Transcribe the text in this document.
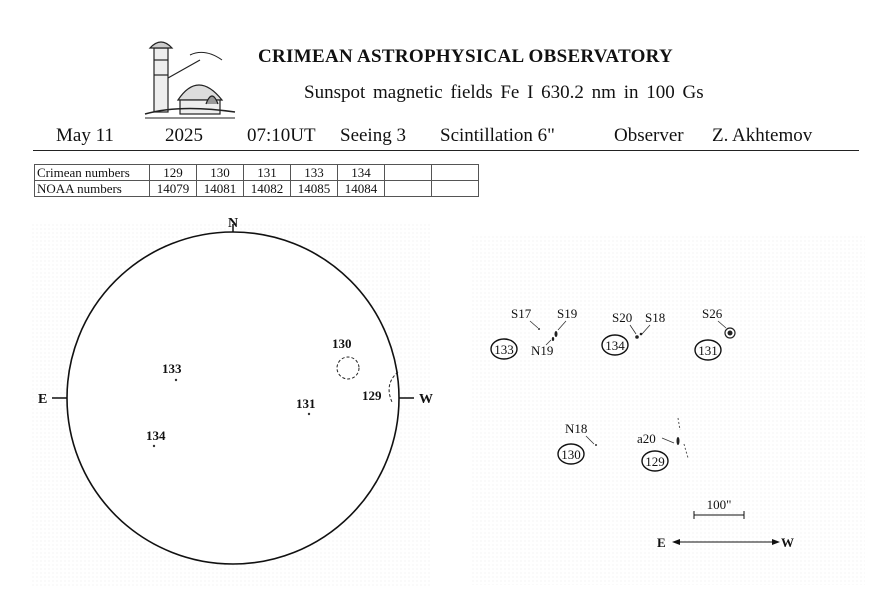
CRIMEAN ASTROPHYSICAL OBSERVATORY
Sunspot magnetic fields Fe I 630.2 nm in 100 Gs
May 11	2025 07:10UT Seeing 3 Scintillation 6"	Observer Z. Akhtemov
Crimean numbers	129	130	131	133	134		
NOAA numbers	14079	14081	14082	14085	14084		
N
E	W
133
134
130
131
129
S17 S19
N19
133
S20 S18
134
S26
131
N18
130
a20
129
100"
E	W
